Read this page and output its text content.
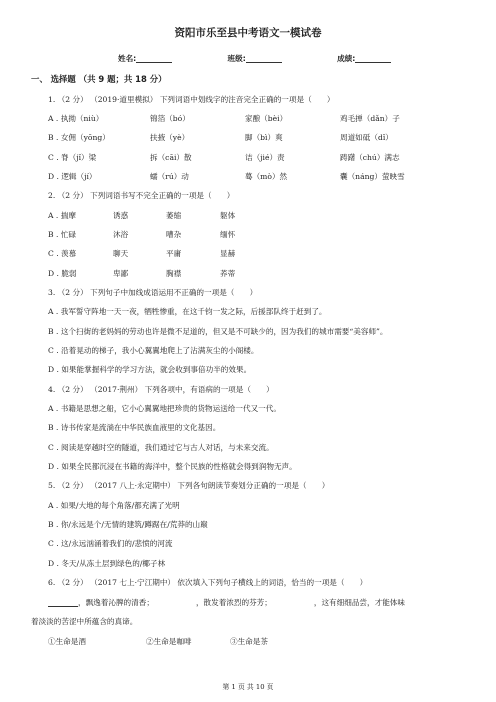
资阳市乐至县中考语文一模试卷
姓名:	班级:	成绩:
一、 选择题 （共 9 题；共 18 分）
1. （2 分） （2019·道里模拟） 下列词语中划线字的注音完全正确的一项是（　　）
A . 执拗（niù）	锦箔（bó）	家酿（bèi）	鸡毛掸（dǎn）子
B . 女佣（yōng）	扶掖（yè）	脚（bì）爽	周道如砥（dǐ）
C . 脊（jǐ）梁	拆（cāi）散	诘（jié）责	踌躇（chú）满志
D . 逻辑（jí）	蠕（rú）动	蓦（mò）然	囊（náng）萤映雪
2. （2 分） 下列词语书写不完全正确的一项是（　　）
A . 揣摩	诱惑	萎缩	躯体
B . 忙碌	沐浴	嘈杂	缅怀
C . 羡慕	聊天	平庸	显赫
D . 脆弱	卑鄙	胸襟	荞蒂
3. （2 分） 下列句子中加线成语运用不正确的一项是（　　）
A . 我军誓守阵地一天一夜，牺牲惨重，在这千钧一发之际，后援部队终于赶到了。
B . 这个扫街的老妈妈的劳动也许是微不足道的，但又是不可缺少的，因为我们的城市需要“美容师”。
C . 沿着晃动的梯子，我小心翼翼地爬上了沾满灰尘的小阁楼。
D . 如果能掌握科学的学习方法，就会收到事倍功半的效果。
4. （2 分） （2017·荆州） 下列各项中，有语病的一项是（　　）
A . 书籍是思想之船，它小心翼翼地把珍贵的货物运送给一代又一代。
B . 诗书传家是流淌在中华民族血液里的文化基因。
C . 阅读是穿越时空的隧道，我们通过它与古人对话，与未来交流。
D . 如果全民都沉浸在书籍的海洋中，整个民族的性格就会得到润物无声。
5. （2 分） （2017 八上·永定期中） 下列各句朗读节奏划分正确的一项是（　　）
A . 如果/大地的每个角落/都充满了光明
B . 你/永远是个/无情的建筑/蹲踞在/荒莽的山巅
C . 这/永远汹涌着我们的/悲愤的河流
D . 冬天/从冻土层到绿色的/椰子林
6. （2 分） （2017 七上·宁江期中） 依次填入下列句子横线上的词语，恰当的一项是（　　）
，飘逸着沁脾的清香；	，散发着浓烈的芬芳；	，这有细细品尝，才能体味
着淡淡的苦涩中所蕴含的真谛。
①生命是酒	②生命是咖啡	③生命是茶
第 1 页 共 10 页
